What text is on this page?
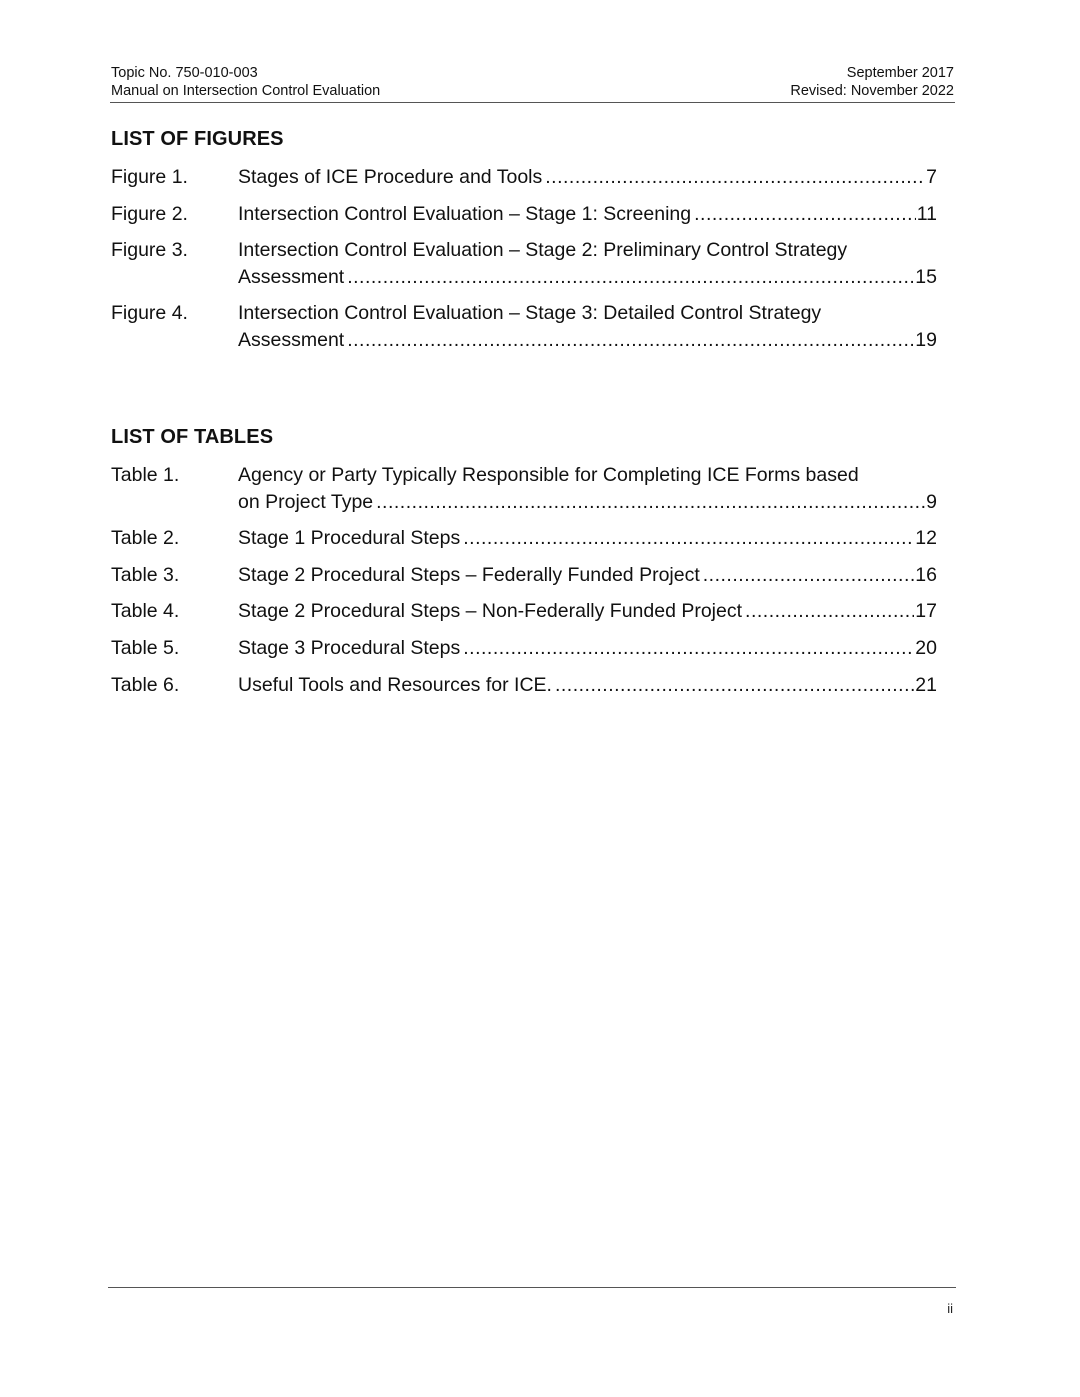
Topic No. 750-010-003
Manual on Intersection Control Evaluation
September 2017
Revised: November 2022
LIST OF FIGURES
Figure 1.	Stages of ICE Procedure and Tools .....	7
Figure 2.	Intersection Control Evaluation – Stage 1: Screening .....	11
Figure 3.	Intersection Control Evaluation – Stage 2: Preliminary Control Strategy
Assessment .....	15
Figure 4.	Intersection Control Evaluation – Stage 3: Detailed Control Strategy
Assessment .....	19
LIST OF TABLES
Table 1.	Agency or Party Typically Responsible for Completing ICE Forms based
on Project Type .....	9
Table 2.	Stage 1 Procedural Steps .....	12
Table 3.	Stage 2 Procedural Steps – Federally Funded Project .....	16
Table 4.	Stage 2 Procedural Steps – Non-Federally Funded Project .....	17
Table 5.	Stage 3 Procedural Steps .....	20
Table 6.	Useful Tools and Resources for ICE. .....	21
ii
